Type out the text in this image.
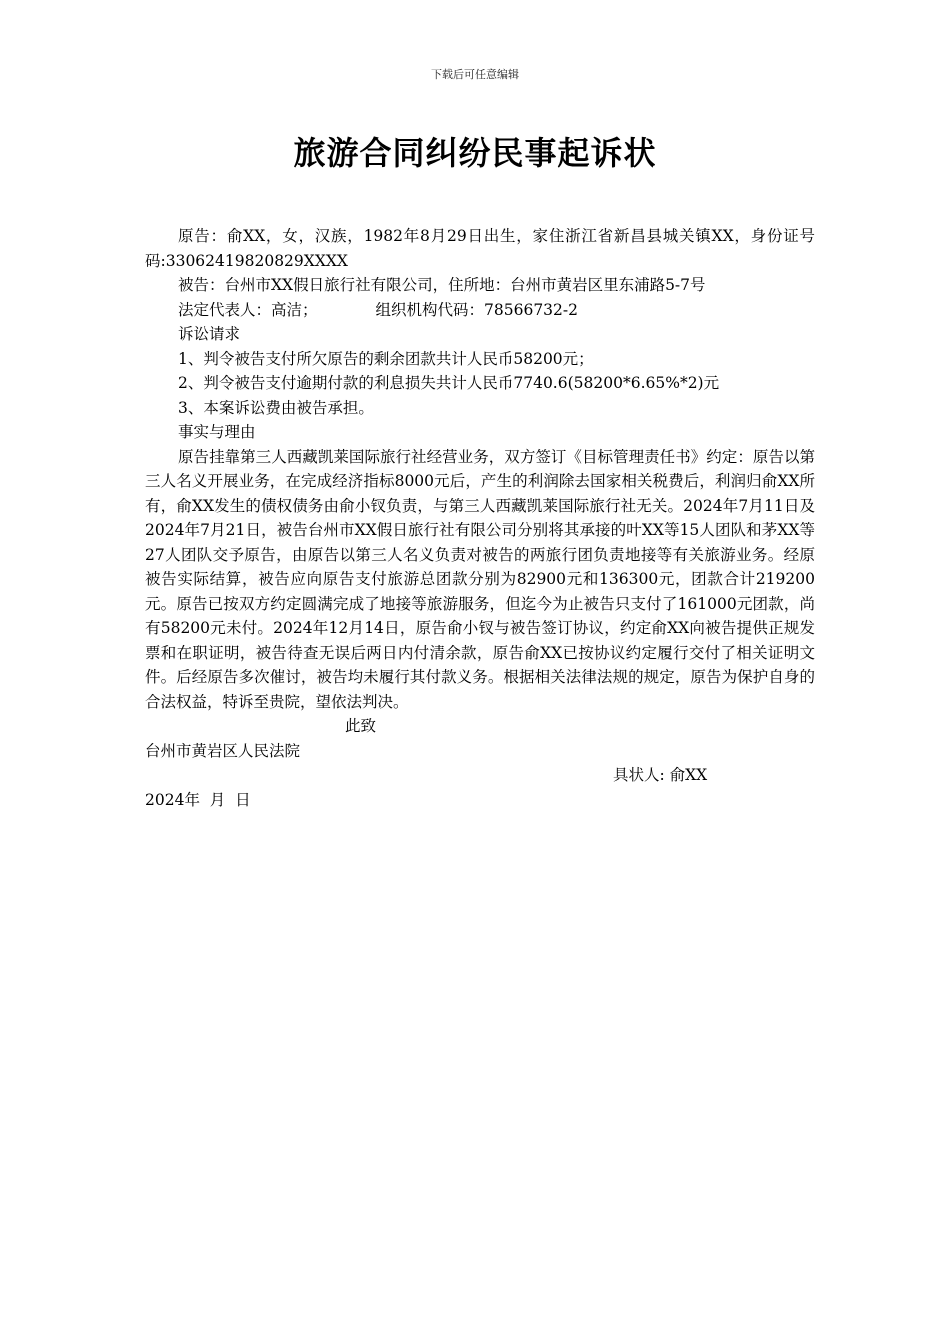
下载后可任意编辑
旅游合同纠纷民事起诉状

原告：俞XX，女，汉族，1982年8月29日出生，家住浙江省新昌县城关镇XX，身份证号码:33062419820829XXXX

被告：台州市XX假日旅行社有限公司，住所地：台州市黄岩区里东浦路5-7号

法定代表人：高洁；	组织机构代码：78566732-2

诉讼请求

1、判令被告支付所欠原告的剩余团款共计人民币58200元；

2、判令被告支付逾期付款的利息损失共计人民币7740.6(58200*6.65%*2)元

3、本案诉讼费由被告承担。

事实与理由

原告挂靠第三人西藏凯莱国际旅行社经营业务，双方签订《目标管理责任书》约定：原告以第三人名义开展业务，在完成经济指标8000元后，产生的利润除去国家相关税费后，利润归俞XX所有，俞XX发生的债权债务由俞小钗负责，与第三人西藏凯莱国际旅行社无关。2024年7月11日及2024年7月21日，被告台州市XX假日旅行社有限公司分别将其承接的叶XX等15人团队和茅XX等27人团队交予原告，由原告以第三人名义负责对被告的两旅行团负责地接等有关旅游业务。经原被告实际结算，被告应向原告支付旅游总团款分别为82900元和136300元，团款合计219200元。原告已按双方约定圆满完成了地接等旅游服务，但迄今为止被告只支付了161000元团款，尚有58200元未付。2024年12月14日，原告俞小钗与被告签订协议，约定俞XX向被告提供正规发票和在职证明，被告待查无误后两日内付清余款，原告俞XX已按协议约定履行交付了相关证明文件。后经原告多次催讨，被告均未履行其付款义务。根据相关法律法规的规定，原告为保护自身的合法权益，特诉至贵院，望依法判决。

此致

台州市黄岩区人民法院

具状人: 俞XX

2024年  月  日
